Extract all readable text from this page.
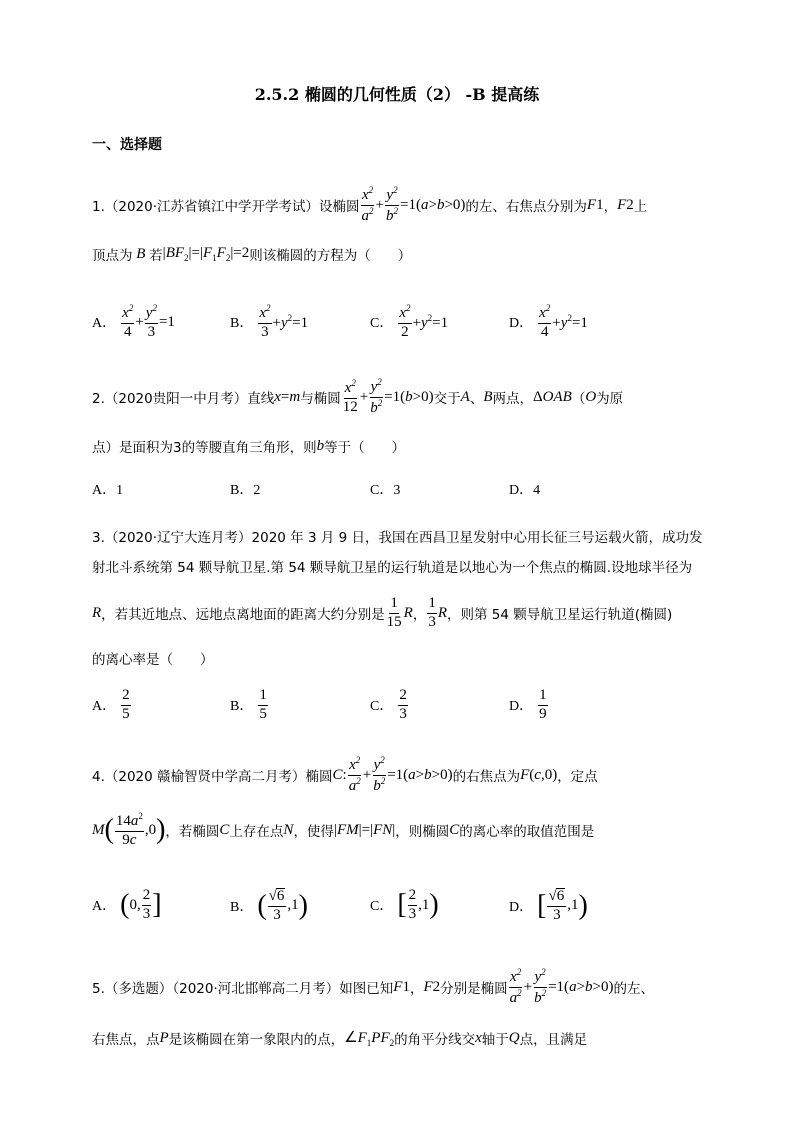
2.5.2 椭圆的几何性质（2） -B 提高练
一、选择题
1.（2020·江苏省镇江中学开学考试）设椭圆 $\frac{x^2}{a^2} + \frac{y^2}{b^2} =1(a>b>0)$ 的左、右焦点分别为 F 1 ， F 2 上
顶点为 B 若 $|BF_2|=|F_1F_2|=2$ 则该椭圆的方程为（　　）
A． $\frac{x^2}{4} + \frac{y^2}{3} =1$	B． $\frac{x^2}{3} +y^2=1$	C． $\frac{x^2}{2} +y^2=1$	D． $\frac{x^2}{4} +y^2=1$
2.（2020贵阳一中月考）直线 x = m 与椭圆 $\frac{x^2}{12} + \frac{y^2}{b^2} =1(b>0)$ 交于 A 、 B 两点， ΔOAB （ O 为原
点）是面积为3的等腰直角三角形，则 b 等于（　　）
A．1	B．2	C．3	D．4
3.（2020·辽宁大连月考）2020 年 3 月 9 日，我国在西昌卫星发射中心用长征三号运载火箭，成功发
射北斗系统第 54 颗导航卫星.第 54 颗导航卫星的运行轨道是以地心为一个焦点的椭圆.设地球半径为
R ，若其近地点、远地点离地面的距离大约分别是 $\frac{1}{15}$ R ， $\frac{1}{3}$ R ，则第 54 颗导航卫星运行轨道(椭圆)
的离心率是（　　）
A． $\frac{2}{5}$	B． $\frac{1}{5}$	C． $\frac{2}{3}$	D． $\frac{1}{9}$
4.（2020 赣榆智贤中学高二月考）椭圆 C : $\frac{x^2}{a^2} + \frac{y^2}{b^2} =1(a>b>0)$ 的右焦点为 F(c,0) ，定点
M ( $\frac{14a^2}{9c} ,0$ ) ，若椭圆 C 上存在点 N ，使得 |FM|=|FN| ，则椭圆 C 的离心率的取值范围是
A． ( 0, $\frac{2}{3}$ ]	B． ( $\frac{√6}{3} ,1$ )	C． [ $\frac{2}{3} ,1$ )	D． [ $\frac{√6}{3} ,1$ )
5.（多选题）（2020·河北邯郸高二月考）如图已知 F 1 ， F 2 分别是椭圆 $\frac{x^2}{a^2} + \frac{y^2}{b^2} =1(a>b>0)$ 的左、
右焦点，点 P 是该椭圆在第一象限内的点， $\angle F_1PF_2$ 的角平分线交 x 轴于 Q 点，且满足
